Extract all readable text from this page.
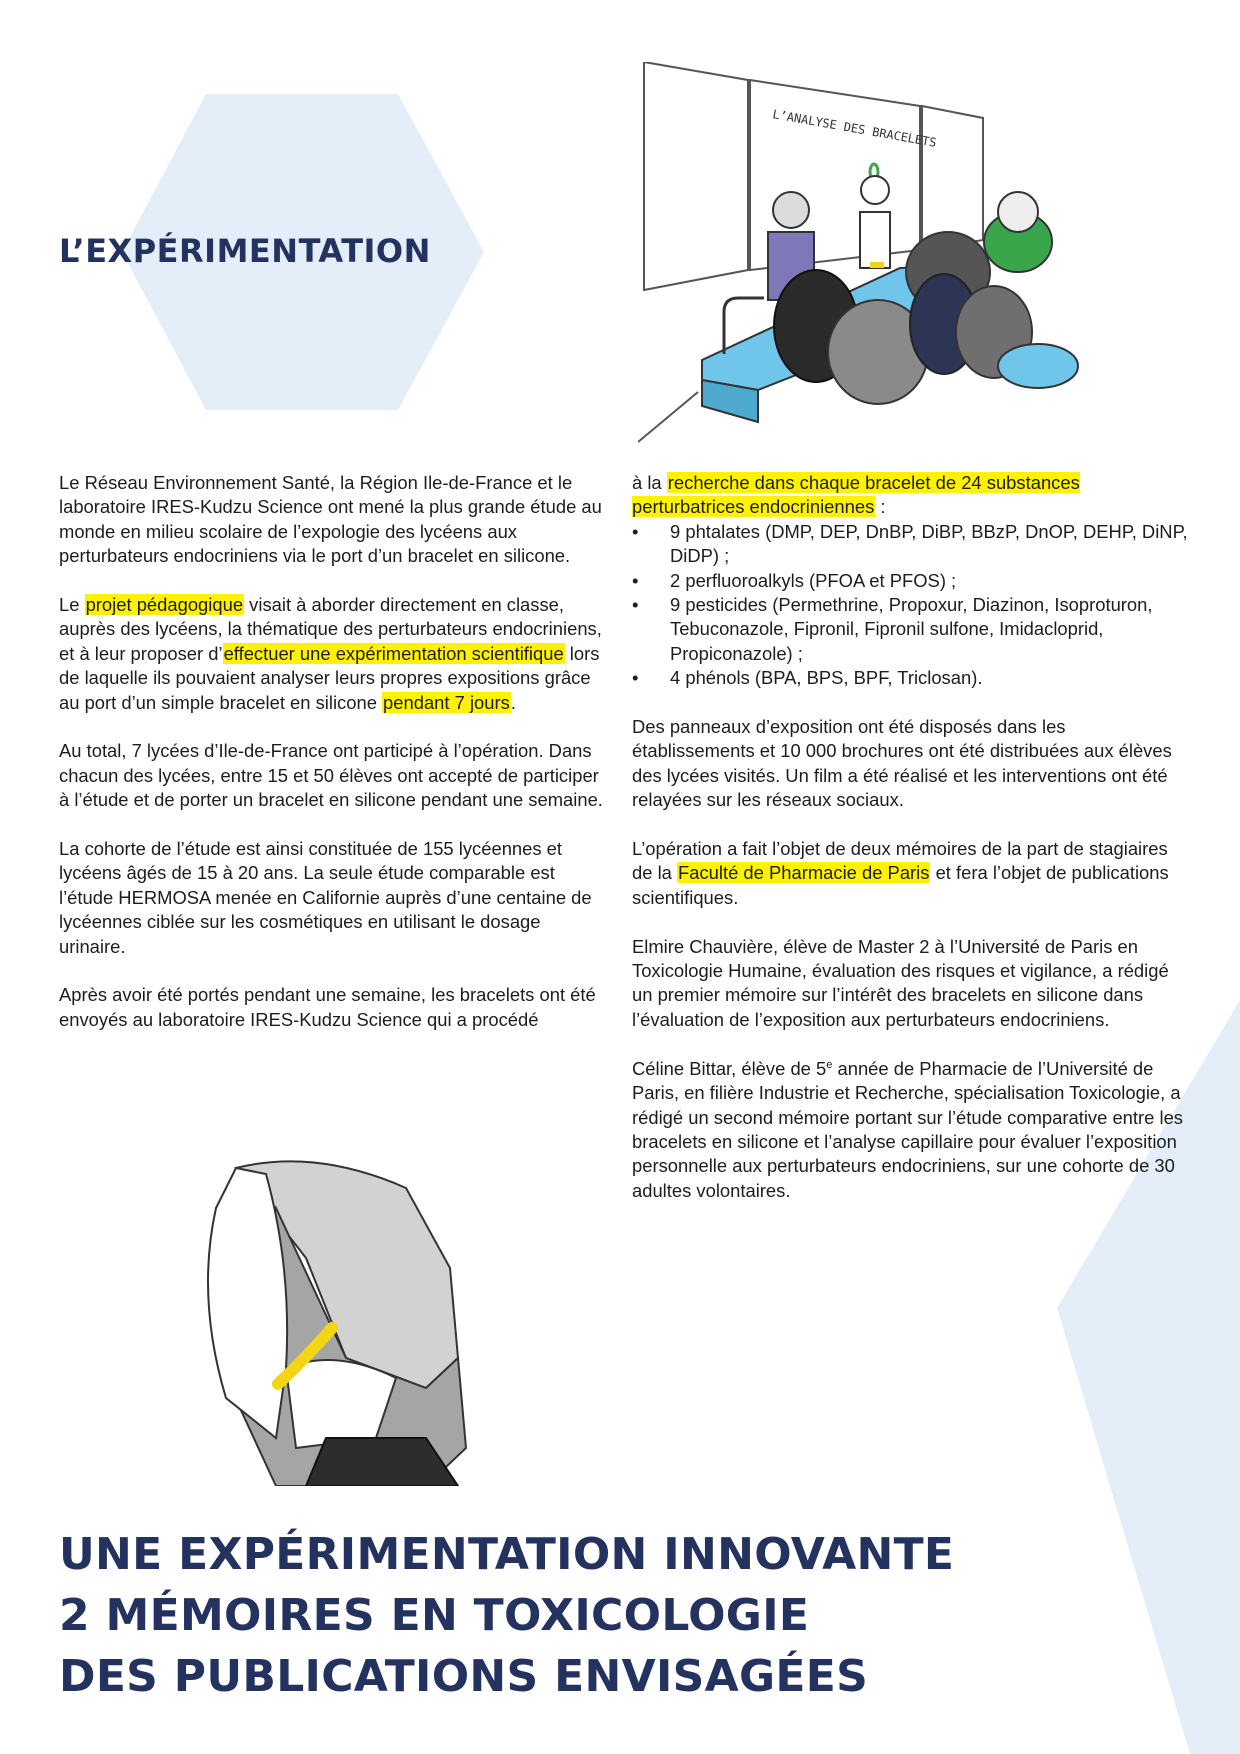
L’EXPÉRIMENTATION
L’ANALYSE DES BRACELETS

Le Réseau Environnement Santé, la Région Ile-de-France et le laboratoire IRES-Kudzu Science ont mené la plus grande étude au monde en milieu scolaire de l’expologie des lycéens aux perturbateurs endocriniens via le port d’un bracelet en silicone.

Le projet pédagogique visait à aborder directement en classe, auprès des lycéens, la thématique des perturbateurs endocriniens, et à leur proposer d’effectuer une expérimentation scientifique lors de laquelle ils pouvaient analyser leurs propres expositions grâce au port d’un simple bracelet en silicone pendant 7 jours.

Au total, 7 lycées d’Ile-de-France ont participé à l’opération. Dans chacun des lycées, entre 15 et 50 élèves ont accepté de participer à l’étude et de porter un bracelet en silicone pendant une semaine.

La cohorte de l’étude est ainsi constituée de 155 lycéennes et lycéens âgés de 15 à 20 ans. La seule étude comparable est l’étude HERMOSA menée en Californie auprès d’une centaine de lycéennes ciblée sur les cosmétiques en utilisant le dosage urinaire.

Après avoir été portés pendant une semaine, les bracelets ont été envoyés au laboratoire IRES-Kudzu Science qui a procédé

à la recherche dans chaque bracelet de 24 substances perturbatrices endocriniennes :
• 9 phtalates (DMP, DEP, DnBP, DiBP, BBzP, DnOP, DEHP, DiNP, DiDP) ;
• 2 perfluoroalkyls (PFOA et PFOS) ;
• 9 pesticides (Permethrine, Propoxur, Diazinon, Isoproturon, Tebuconazole, Fipronil, Fipronil sulfone, Imidacloprid, Propiconazole) ;
• 4 phénols (BPA, BPS, BPF, Triclosan).

Des panneaux d’exposition ont été disposés dans les établissements et 10 000 brochures ont été distribuées aux élèves des lycées visités. Un film a été réalisé et les interventions ont été relayées sur les réseaux sociaux.

L’opération a fait l’objet de deux mémoires de la part de stagiaires de la Faculté de Pharmacie de Paris et fera l’objet de publications scientifiques.

Elmire Chauvière, élève de Master 2 à l’Université de Paris en Toxicologie Humaine, évaluation des risques et vigilance, a rédigé un premier mémoire sur l’intérêt des bracelets en silicone dans l’évaluation de l’exposition aux perturbateurs endocriniens.

Céline Bittar, élève de 5e année de Pharmacie de l’Université de Paris, en filière Industrie et Recherche, spécialisation Toxicologie, a rédigé un second mémoire portant sur l’étude comparative entre les bracelets en silicone et l’analyse capillaire pour évaluer l’exposition personnelle aux perturbateurs endocriniens, sur une cohorte de 30 adultes volontaires.

UNE EXPÉRIMENTATION INNOVANTE
2 MÉMOIRES EN TOXICOLOGIE
DES PUBLICATIONS ENVISAGÉES
